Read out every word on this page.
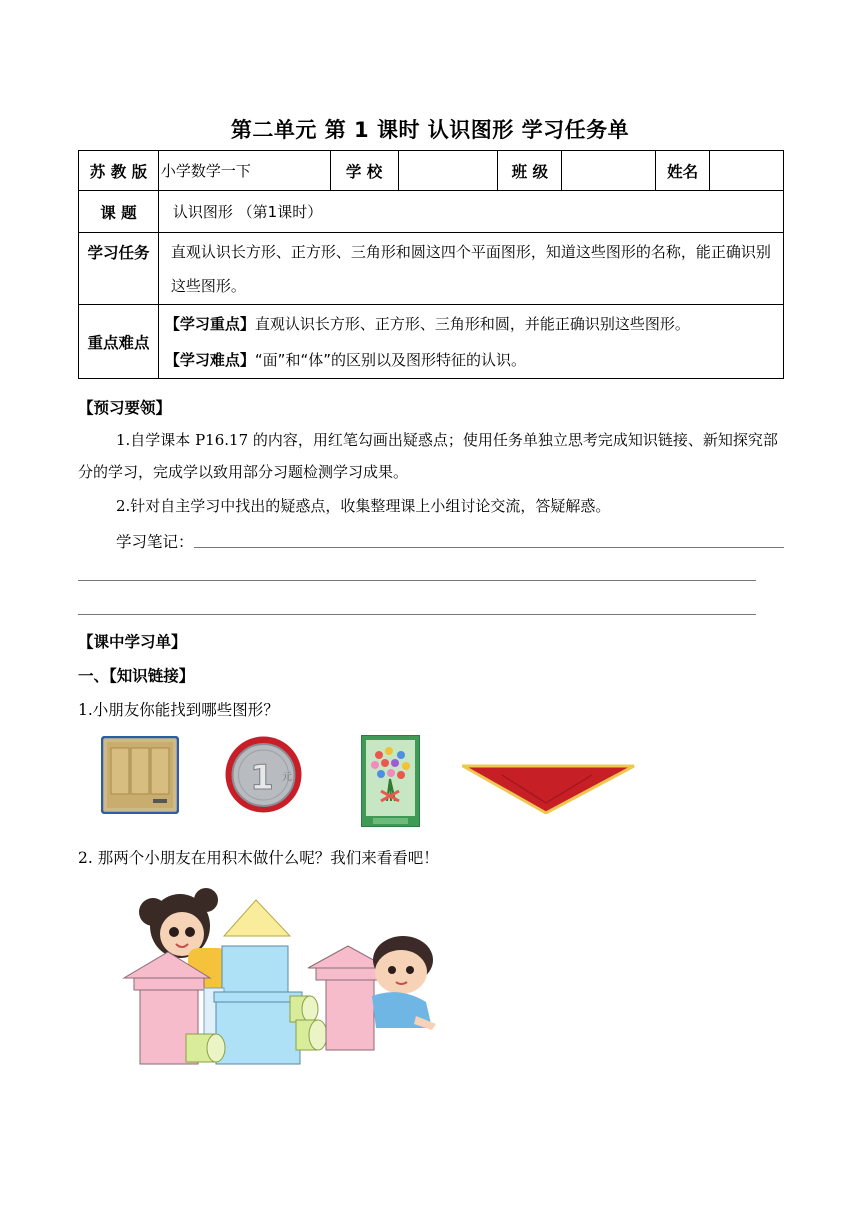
第二单元 第 1 课时 认识图形 学习任务单
苏 教 版	小学数学一下	学 校		班 级		姓名	
课 题	认识图形 （第1课时）						
学习任务	直观认识长方形、正方形、三角形和圆这四个平面图形，知道这些图形的名称，能正确识别这些图形。						
重点难点	【学习重点】直观认识长方形、正方形、三角形和圆，并能正确识别这些图形。
【学习难点】“面”和“体”的区别以及图形特征的认识。						
【预习要领】
1.自学课本 P16.17 的内容，用红笔勾画出疑惑点；使用任务单独立思考完成知识链接、新知探究部分的学习，完成学以致用部分习题检测学习成果。
2.针对自主学习中找出的疑惑点，收集整理课上小组讨论交流，答疑解惑。
学习笔记：
【课中学习单】
一、【知识链接】
1.小朋友你能找到哪些图形？
1 元
2. 那两个小朋友在用积木做什么呢？我们来看看吧！
